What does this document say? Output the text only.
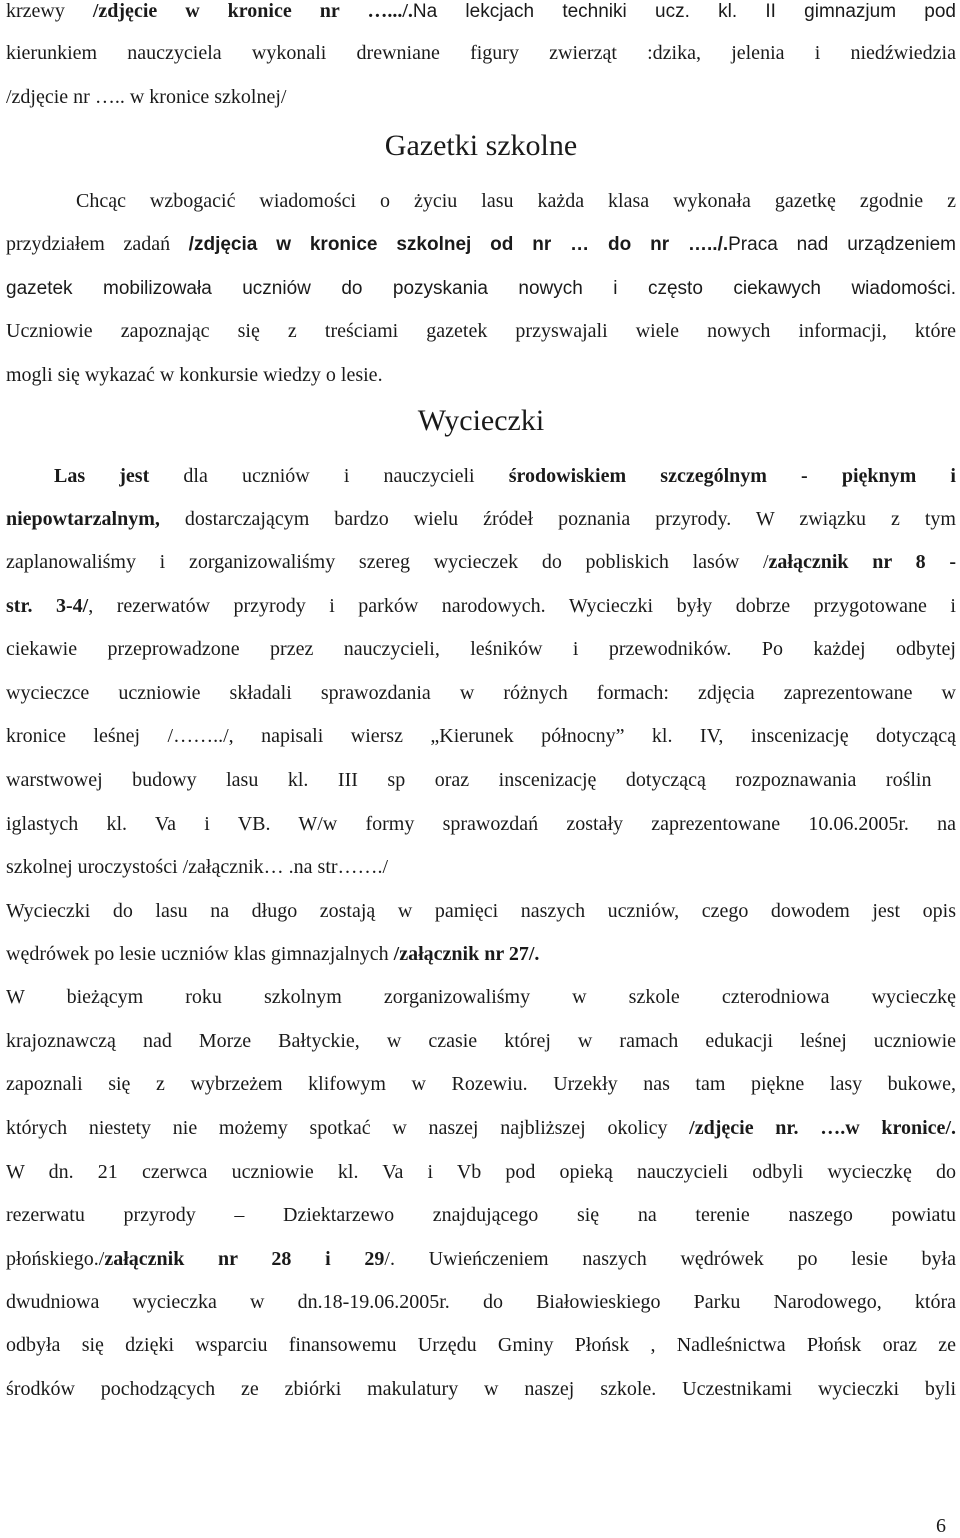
Gazetki szkolne
Wycieczki
krzewy /zdjęcie w kronice nr ….../.Na lekcjach techniki ucz. kl. II gimnazjum pod
kierunkiem nauczyciela wykonali drewniane figury zwierząt :dzika, jelenia i niedźwiedzia
/zdjęcie nr ….. w kronice szkolnej/
Chcąc wzbogacić wiadomości o życiu lasu każda klasa wykonała gazetkę zgodnie z
przydziałem zadań /zdjęcia w kronice szkolnej od nr … do nr …../.Praca nad urządzeniem
gazetek mobilizowała uczniów do pozyskania nowych i często ciekawych wiadomości.
Uczniowie zapoznając się z treściami gazetek przyswajali wiele nowych informacji, które
mogli się wykazać w konkursie wiedzy o lesie.
Las jest dla uczniów i nauczycieli środowiskiem szczególnym - pięknym i
niepowtarzalnym, dostarczającym bardzo wielu źródeł poznania przyrody. W związku z tym
zaplanowaliśmy i zorganizowaliśmy szereg wycieczek do pobliskich lasów /załącznik nr 8 -
str. 3-4/, rezerwatów przyrody i parków narodowych. Wycieczki były dobrze przygotowane i
ciekawie przeprowadzone przez nauczycieli, leśników i przewodników. Po każdej odbytej
wycieczce uczniowie składali sprawozdania w różnych formach: zdjęcia zaprezentowane w
kronice leśnej /……../, napisali wiersz „Kierunek północny” kl. IV, inscenizację dotyczącą
warstwowej budowy lasu kl. III sp oraz inscenizację dotyczącą rozpoznawania roślin
iglastych kl. Va i VB. W/w formy sprawozdań zostały zaprezentowane 10.06.2005r. na
szkolnej uroczystości /załącznik… .na str……./
Wycieczki do lasu na długo zostają w pamięci naszych uczniów, czego dowodem jest opis
wędrówek po lesie uczniów klas gimnazjalnych /załącznik nr 27/.
W bieżącym roku szkolnym zorganizowaliśmy w szkole czterodniowa wycieczkę
krajoznawczą nad Morze Bałtyckie, w czasie której w ramach edukacji leśnej uczniowie
zapoznali się z wybrzeżem klifowym w Rozewiu. Urzekły nas tam piękne lasy bukowe,
których niestety nie możemy spotkać w naszej najbliższej okolicy /zdjęcie nr. ….w kronice/.
W dn. 21 czerwca uczniowie kl. Va i Vb pod opieką nauczycieli odbyli wycieczkę do
rezerwatu przyrody – Dziektarzewo znajdującego się na terenie naszego powiatu
płońskiego./załącznik nr 28 i 29/. Uwieńczeniem naszych wędrówek po lesie była
dwudniowa wycieczka w dn.18-19.06.2005r. do Białowieskiego Parku Narodowego, która
odbyła się dzięki wsparciu finansowemu Urzędu Gminy Płońsk , Nadleśnictwa Płońsk oraz ze
środków pochodzących ze zbiórki makulatury w naszej szkole. Uczestnikami wycieczki byli
6
